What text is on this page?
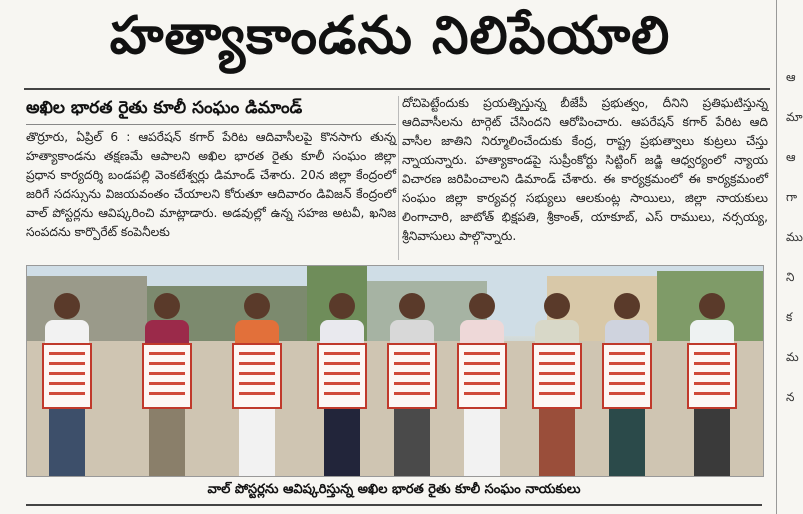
హత్యాకాండను నిలిపేయాలి
అఖిల భారత రైతు కూలీ సంఘం డిమాండ్

తొర్రూరు, ఏప్రిల్ 6 : ఆపరేషన్ కగార్ పేరిట ఆదివాసీలపై కొనసాగు తున్న హత్యాకాండను తక్షణమే ఆపాలని అఖిల భారత రైతు కూలీ సంఘం జిల్లా ప్రధాన కార్యదర్శి బండపల్లి వెంకటేశ్వర్లు డిమాండ్ చేశారు. 20న జిల్లా కేంద్రంలో జరిగే సదస్సును విజయవంతం చేయాలని కోరుతూ ఆదివారం డివిజన్ కేంద్రంలో వాల్ పోస్టర్లను ఆవిష్కరించి మాట్లాడారు. అడవుల్లో ఉన్న సహజ అటవీ, ఖనిజ సంపదను కార్పొరేట్ కంపెనీలకు

దోచిపెట్టేందుకు ప్రయత్నిస్తున్న బీజేపీ ప్రభుత్వం, దీనిని ప్రతిఘటిస్తున్న ఆదివాసీలను టార్గెట్ చేసిందని ఆరోపించారు. ఆపరేషన్ కగార్ పేరిట ఆది వాసీల జాతిని నిర్మూలించేందుకు కేంద్ర, రాష్ట్ర ప్రభుత్వాలు కుట్రలు చేస్తు న్నాయన్నారు. హత్యాకాండపై సుప్రీంకోర్టు సిట్టింగ్ జడ్జి ఆధ్వర్యంలో న్యాయ విచారణ జరిపించాలని డిమాండ్ చేశారు. ఈ కార్యక్రమంలో ఈ కార్యక్రమంలో సంఘం జిల్లా కార్యవర్గ సభ్యులు ఆలకుంట్ల సాయిలు, జిల్లా నాయకులు లింగాచారి, జాటోత్ భిక్షపతి, శ్రీకాంత్, యాకూబ్, ఎస్ రాములు, నర్సయ్య, శ్రీనివాసులు పాల్గొన్నారు.

వాల్ పోస్టర్లను ఆవిష్కరిస్తున్న అఖిల భారత రైతు కూలీ సంఘం నాయకులు
ఆ
మా
ఆ
గా
ము
ని
క
మ
న
